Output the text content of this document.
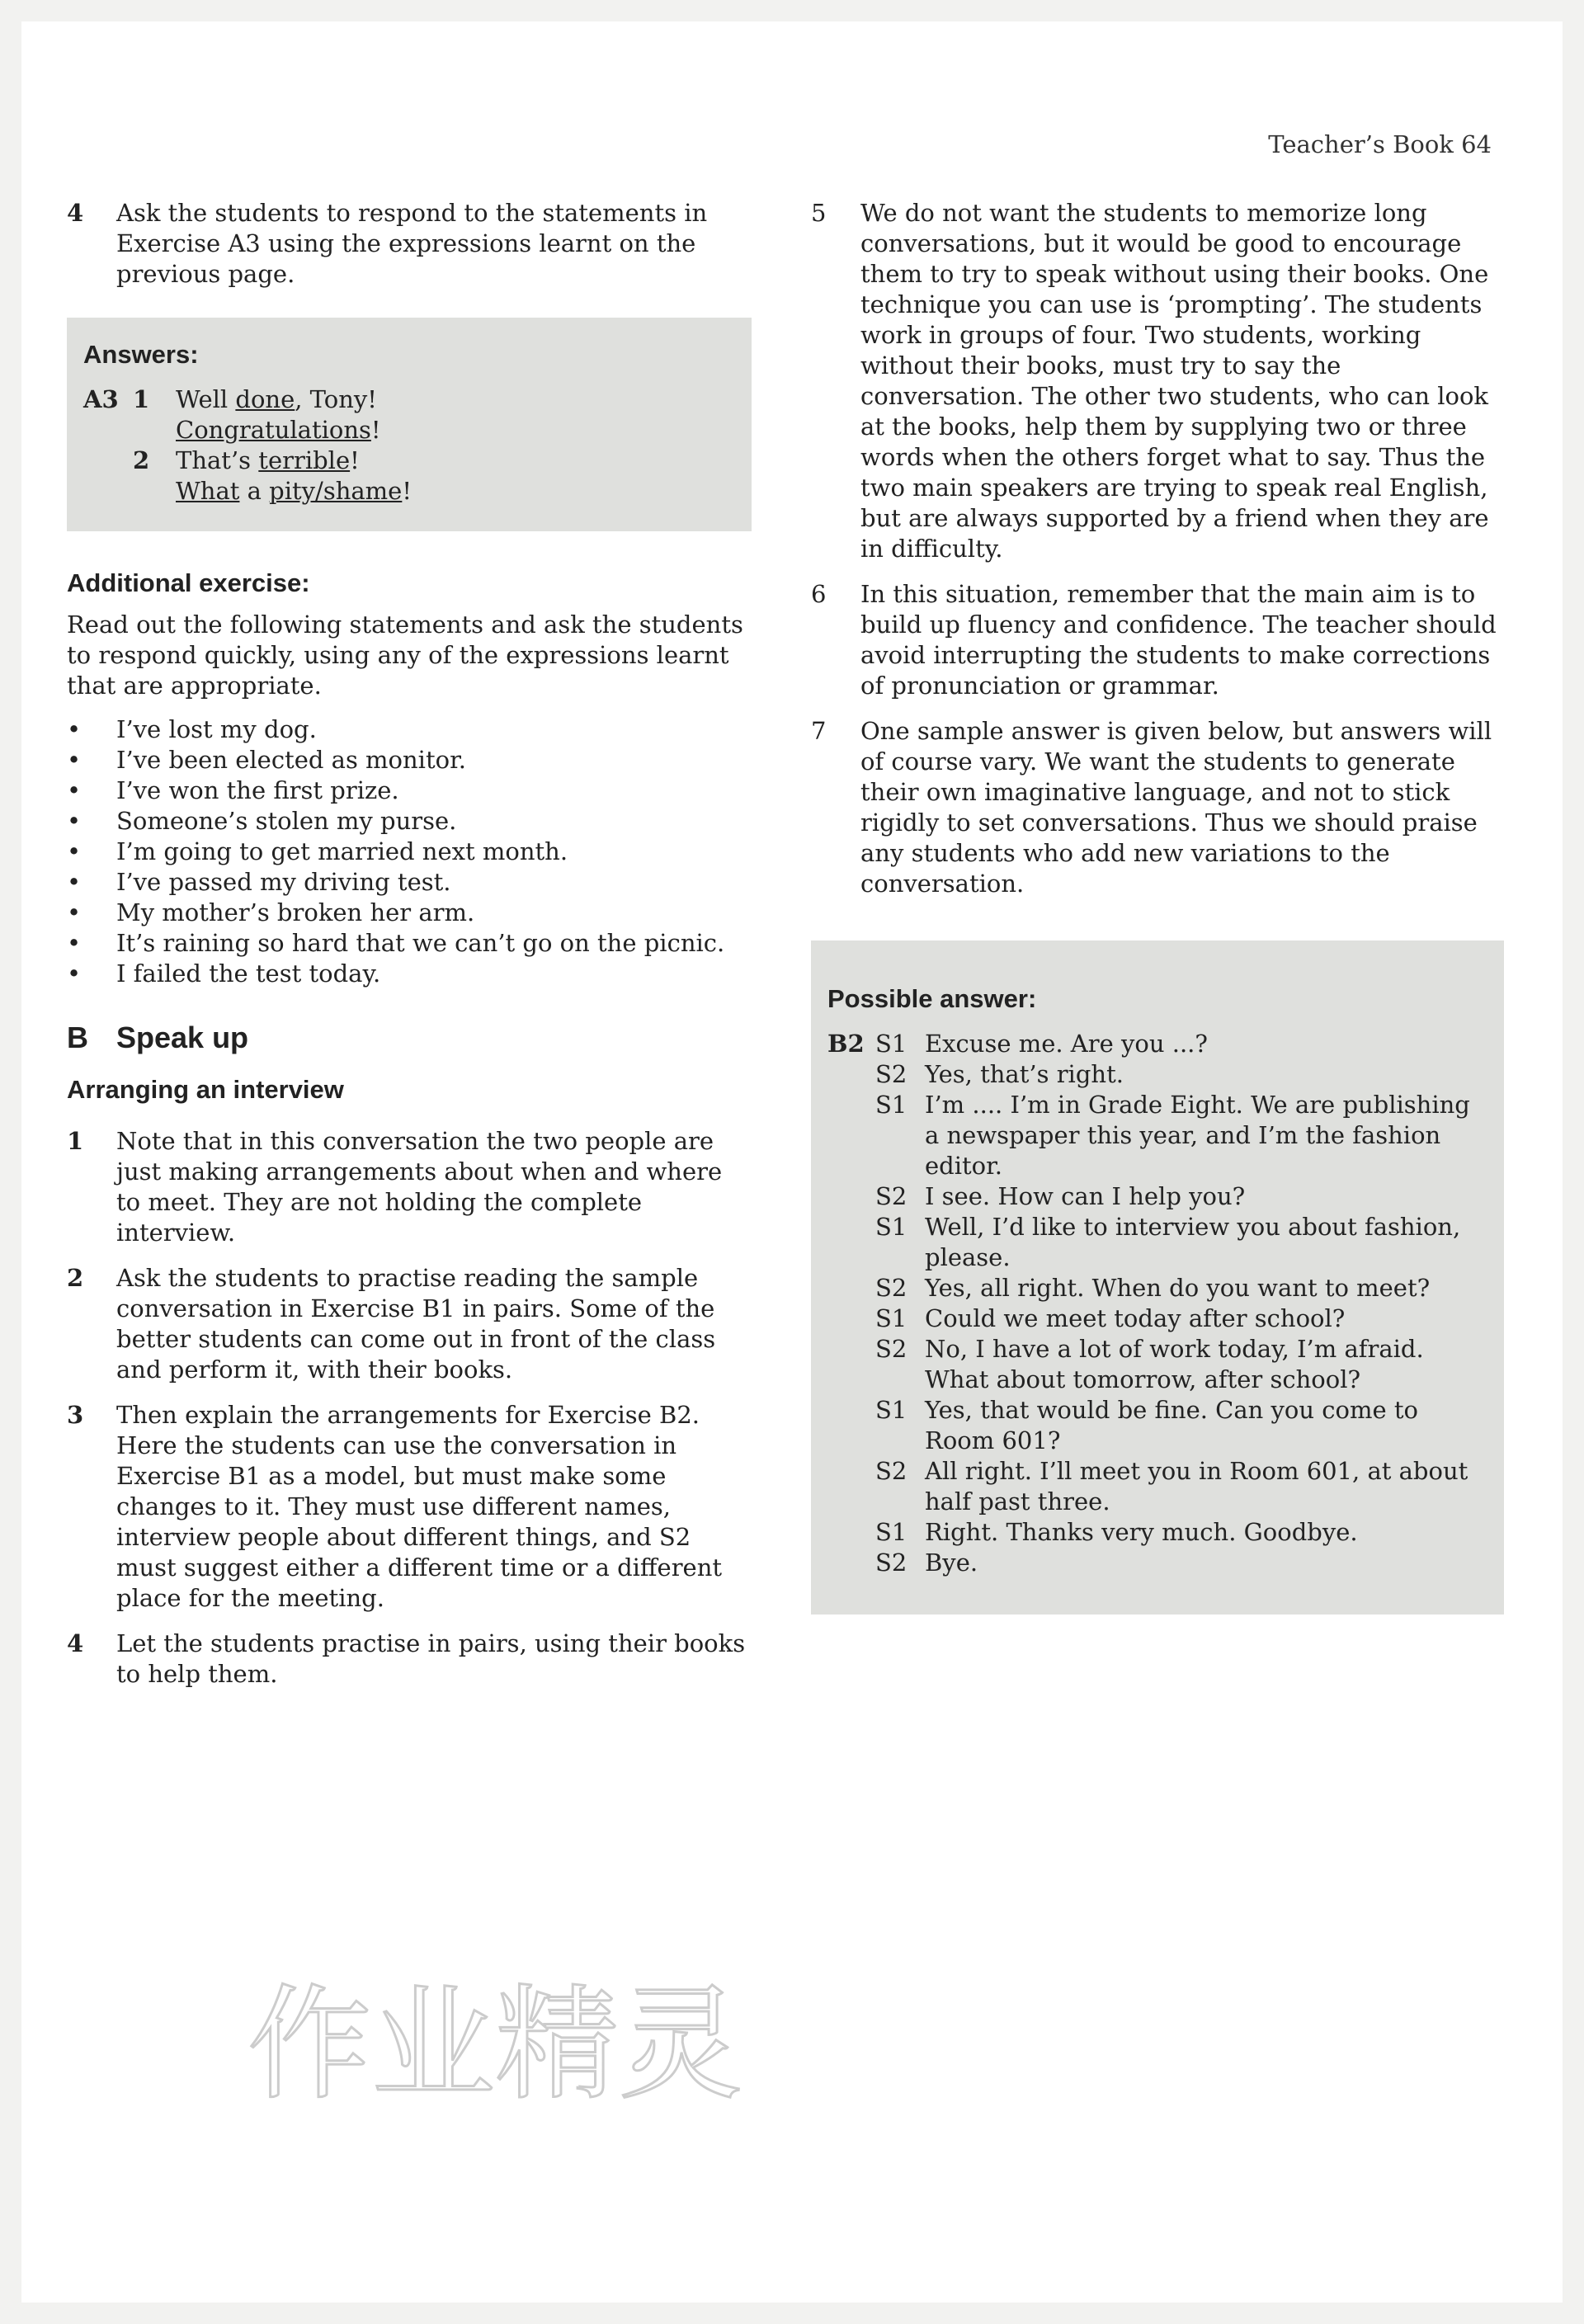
Teacher’s Book 64
4	Ask the students to respond to the statements in Exercise A3 using the expressions learnt on the previous page.
Answers:
A3 1	Well done, Tony!
Congratulations!
2	That’s terrible!
What a pity/shame!
Additional exercise:
Read out the following statements and ask the students to respond quickly, using any of the expressions learnt that are appropriate.
•	I’ve lost my dog.
•	I’ve been elected as monitor.
•	I’ve won the first prize.
•	Someone’s stolen my purse.
•	I’m going to get married next month.
•	I’ve passed my driving test.
•	My mother’s broken her arm.
•	It’s raining so hard that we can’t go on the picnic.
•	I failed the test today.
B Speak up
Arranging an interview
1	Note that in this conversation the two people are just making arrangements about when and where to meet. They are not holding the complete interview.
2	Ask the students to practise reading the sample conversation in Exercise B1 in pairs. Some of the better students can come out in front of the class and perform it, with their books.
3	Then explain the arrangements for Exercise B2. Here the students can use the conversation in Exercise B1 as a model, but must make some changes to it. They must use different names, interview people about different things, and S2 must suggest either a different time or a different place for the meeting.
4	Let the students practise in pairs, using their books to help them.
5	We do not want the students to memorize long conversations, but it would be good to encourage them to try to speak without using their books. One technique you can use is ‘prompting’. The students work in groups of four. Two students, working without their books, must try to say the conversation. The other two students, who can look at the books, help them by supplying two or three words when the others forget what to say. Thus the two main speakers are trying to speak real English, but are always supported by a friend when they are in difficulty.
6	In this situation, remember that the main aim is to build up fluency and confidence. The teacher should avoid interrupting the students to make corrections of pronunciation or grammar.
7	One sample answer is given below, but answers will of course vary. We want the students to generate their own imaginative language, and not to stick rigidly to set conversations. Thus we should praise any students who add new variations to the conversation.
Possible answer:
B2 S1 Excuse me. Are you ...?
S2 Yes, that’s right.
S1 I’m .... I’m in Grade Eight. We are publishing a newspaper this year, and I’m the fashion editor.
S2 I see. How can I help you?
S1 Well, I’d like to interview you about fashion, please.
S2 Yes, all right. When do you want to meet?
S1 Could we meet today after school?
S2 No, I have a lot of work today, I’m afraid. What about tomorrow, after school?
S1 Yes, that would be fine. Can you come to Room 601?
S2 All right. I’ll meet you in Room 601, at about half past three.
S1 Right. Thanks very much. Goodbye.
S2 Bye.
作业精灵
